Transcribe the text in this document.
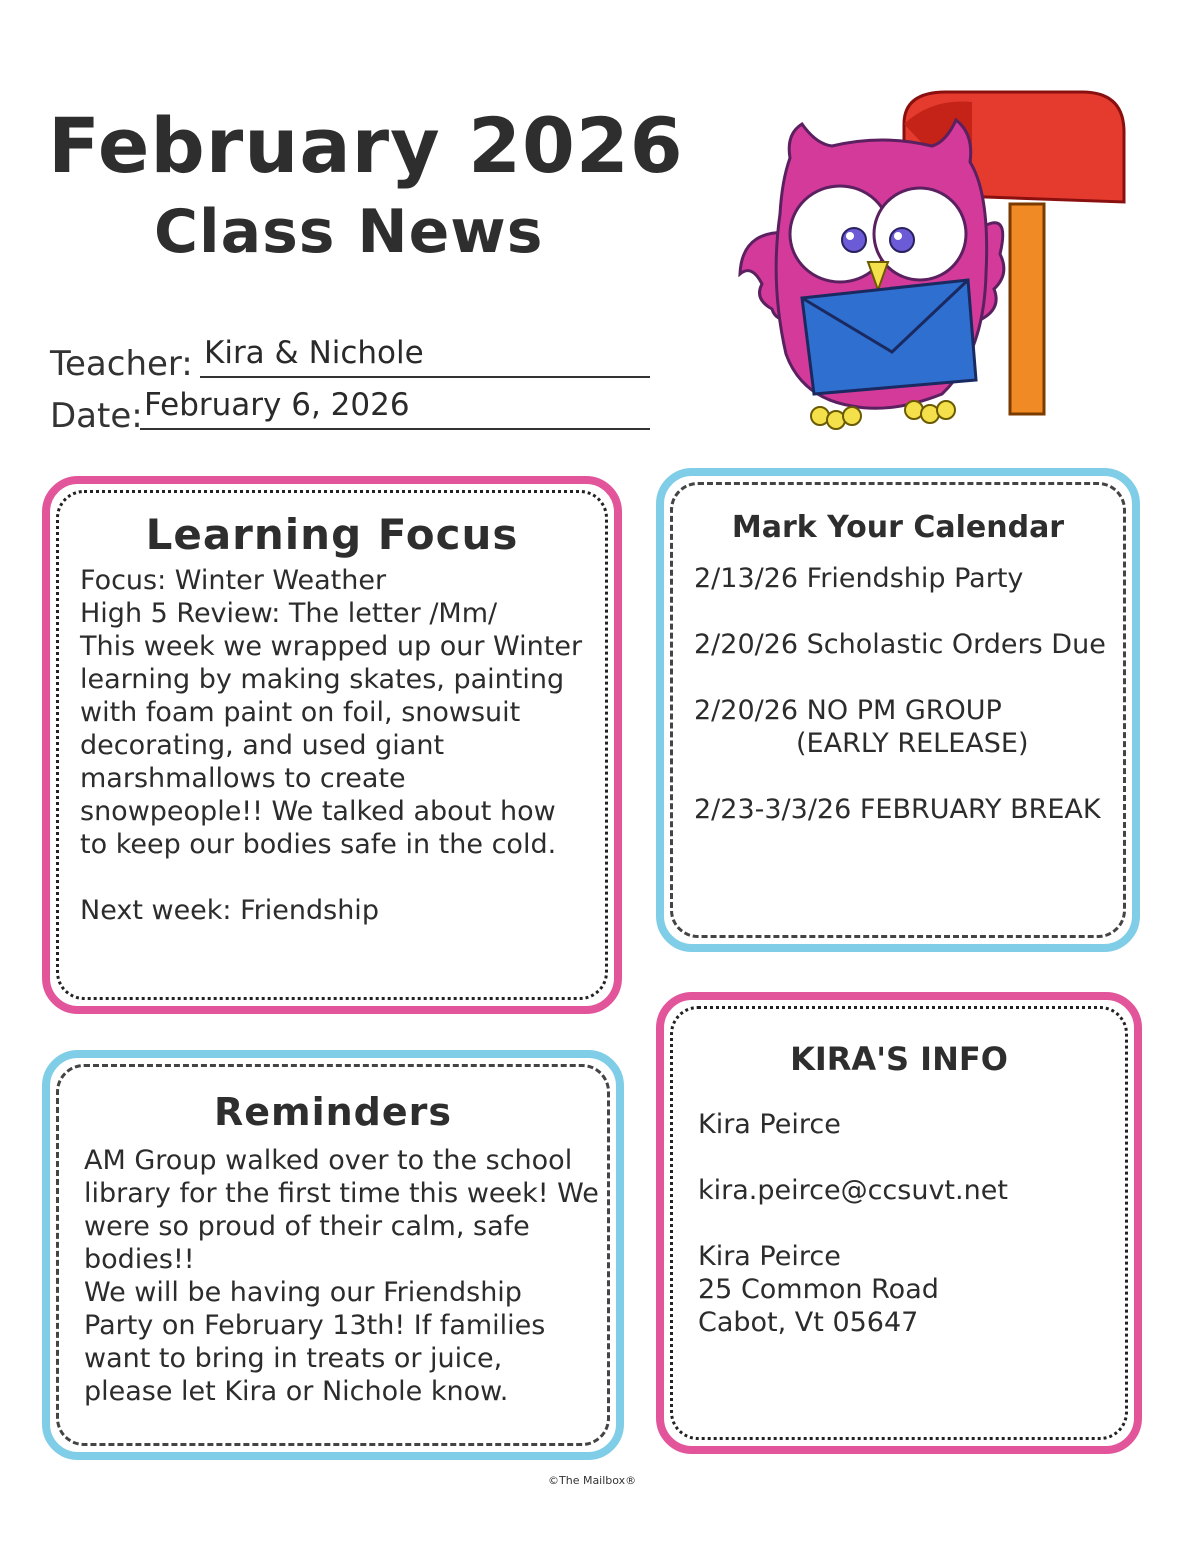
February 2026
Class News
Teacher: Kira & Nichole
Date: February 6, 2026
Learning Focus

Focus: Winter Weather

High 5 Review: The letter /Mm/

This week we wrapped up our Winter

learning by making skates, painting

with foam paint on foil, snowsuit

decorating, and used giant

marshmallows to create

snowpeople!! We talked about how

to keep our bodies safe in the cold.

Next week: Friendship

Mark Your Calendar

2/13/26 Friendship Party

2/20/26 Scholastic Orders Due

2/20/26 NO PM GROUP

(EARLY RELEASE)

2/23-3/3/26 FEBRUARY BREAK

Reminders

AM Group walked over to the school

library for the first time this week! We

were so proud of their calm, safe

bodies!!

We will be having our Friendship

Party on February 13th! If families

want to bring in treats or juice,

please let Kira or Nichole know.

KIRA'S INFO

Kira Peirce

kira.peirce@ccsuvt.net

Kira Peirce

25 Common Road

Cabot, Vt 05647

©The Mailbox®
